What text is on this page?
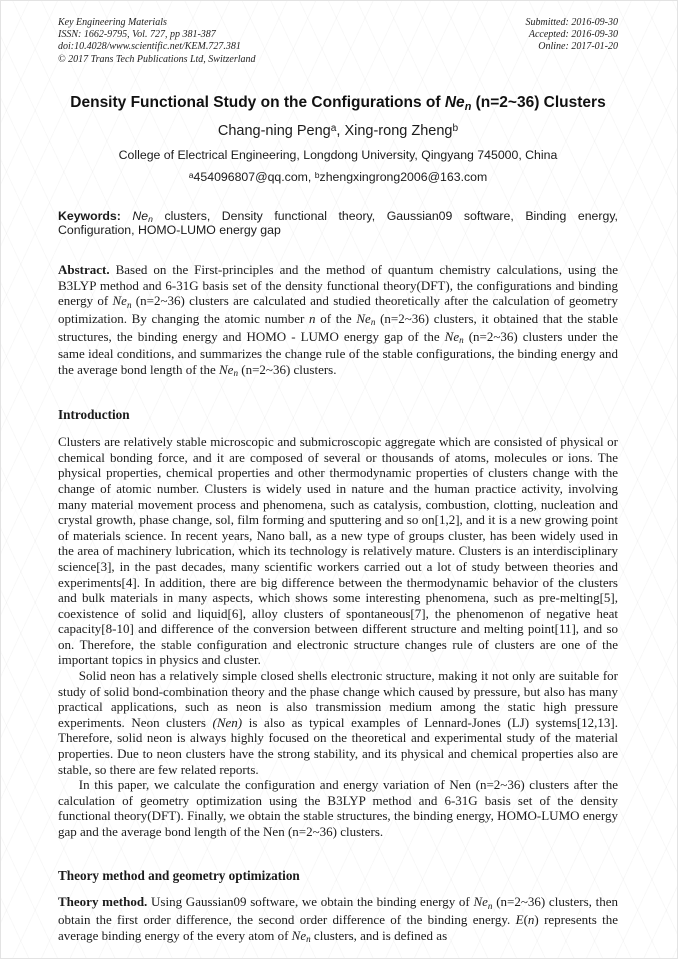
Key Engineering Materials
ISSN: 1662-9795, Vol. 727, pp 381-387
doi:10.4028/www.scientific.net/KEM.727.381
© 2017 Trans Tech Publications Ltd, Switzerland
Submitted: 2016-09-30
Accepted: 2016-09-30
Online: 2017-01-20
Density Functional Study on the Configurations of Nen (n=2~36) Clusters
Chang-ning Peng$^a$, Xing-rong Zheng$^b$
College of Electrical Engineering, Longdong University, Qingyang 745000, China
$^a$454096807@qq.com, $^b$zhengxingrong2006@163.com

Keywords: Nen clusters, Density functional theory, Gaussian09 software, Binding energy, Configuration, HOMO-LUMO energy gap

Abstract. Based on the First-principles and the method of quantum chemistry calculations, using the B3LYP method and 6-31G basis set of the density functional theory(DFT), the configurations and binding energy of Nen (n=2~36) clusters are calculated and studied theoretically after the calculation of geometry optimization. By changing the atomic number n of the Nen (n=2~36) clusters, it obtained that the stable structures, the binding energy and HOMO - LUMO energy gap of the Nen (n=2~36) clusters under the same ideal conditions, and summarizes the change rule of the stable configurations, the binding energy and the average bond length of the Nen (n=2~36) clusters.

Introduction

Clusters are relatively stable microscopic and submicroscopic aggregate which are consisted of physical or chemical bonding force, and it are composed of several or thousands of atoms, molecules or ions. The physical properties, chemical properties and other thermodynamic properties of clusters change with the change of atomic number. Clusters is widely used in nature and the human practice activity, involving many material movement process and phenomena, such as catalysis, combustion, clotting, nucleation and crystal growth, phase change, sol, film forming and sputtering and so on[1,2], and it is a new growing point of materials science. In recent years, Nano ball, as a new type of groups cluster, has been widely used in the area of machinery lubrication, which its technology is relatively mature. Clusters is an interdisciplinary science[3], in the past decades, many scientific workers carried out a lot of study between theories and experiments[4]. In addition, there are big difference between the thermodynamic behavior of the clusters and bulk materials in many aspects, which shows some interesting phenomena, such as pre-melting[5], coexistence of solid and liquid[6], alloy clusters of spontaneous[7], the phenomenon of negative heat capacity[8-10] and difference of the conversion between different structure and melting point[11], and so on. Therefore, the stable configuration and electronic structure changes rule of clusters are one of the important topics in physics and cluster.

Solid neon has a relatively simple closed shells electronic structure, making it not only are suitable for study of solid bond-combination theory and the phase change which caused by pressure, but also has many practical applications, such as neon is also transmission medium among the static high pressure experiments. Neon clusters (Nen) is also as typical examples of Lennard-Jones (LJ) systems[12,13]. Therefore, solid neon is always highly focused on the theoretical and experimental study of the material properties. Due to neon clusters have the strong stability, and its physical and chemical properties also are stable, so there are few related reports.

In this paper, we calculate the configuration and energy variation of Nen (n=2~36) clusters after the calculation of geometry optimization using the B3LYP method and 6-31G basis set of the density functional theory(DFT). Finally, we obtain the stable structures, the binding energy, HOMO-LUMO energy gap and the average bond length of the Nen (n=2~36) clusters.

Theory method and geometry optimization

Theory method. Using Gaussian09 software, we obtain the binding energy of Nen (n=2~36) clusters, then obtain the first order difference, the second order difference of the binding energy. E(n) represents the average binding energy of the every atom of Nen clusters, and is defined as
